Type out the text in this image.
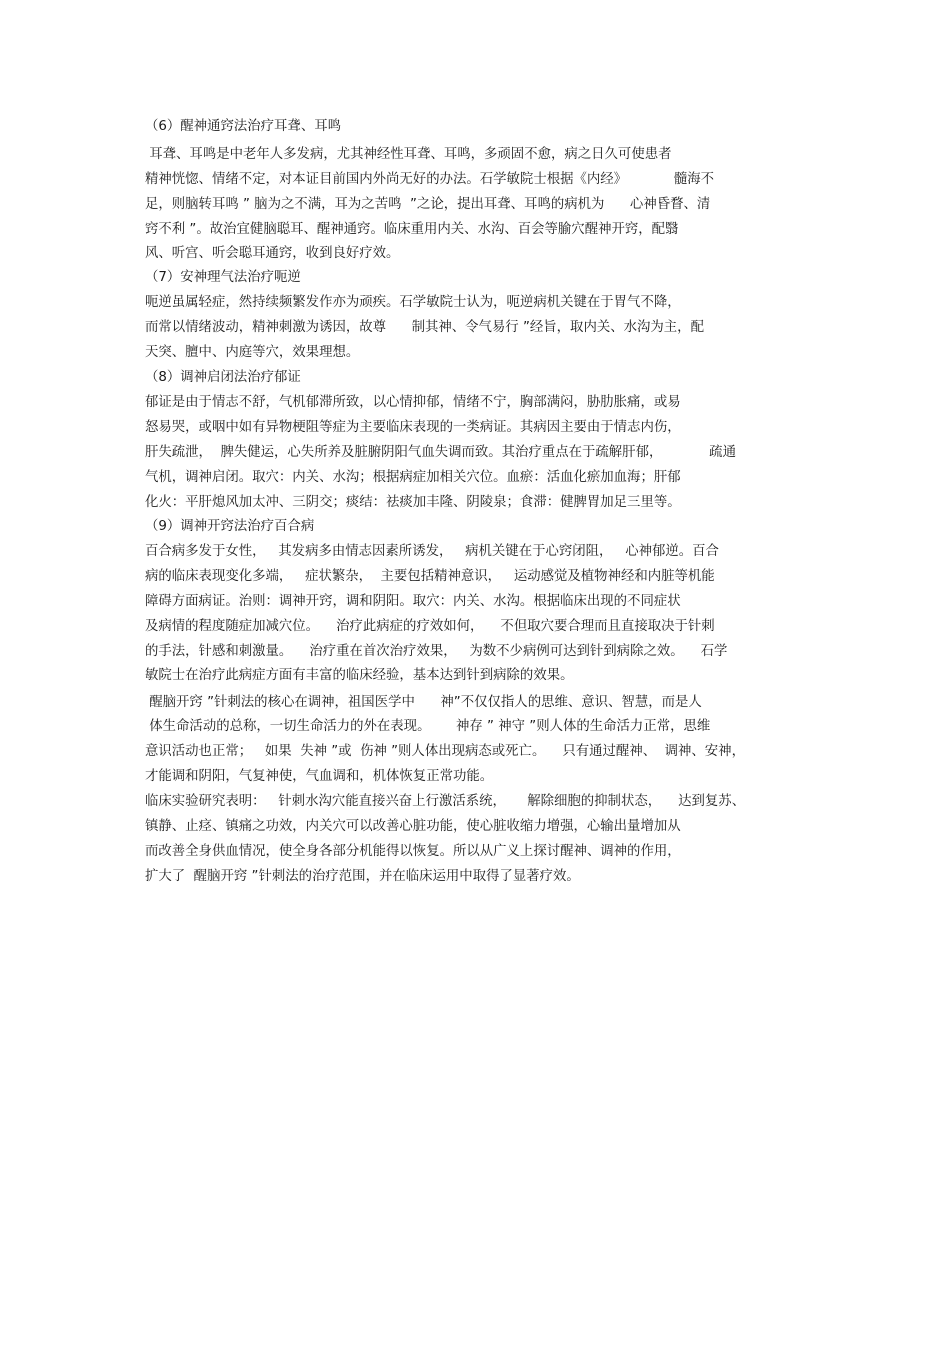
（6）醒神通窍法治疗耳聋、耳鸣
耳聋、耳鸣是中老年人多发病，尤其神经性耳聋、耳鸣，多顽固不愈，病之日久可使患者
精神恍惚、情绪不定，对本证目前国内外尚无好的办法。石学敏院士根据《内经》           髓海不
足，则脑转耳鸣 ” 脑为之不满，耳为之苦鸣  ”之论，提出耳聋、耳鸣的病机为      心神昏瞀、清
窍不利 ”。故治宜健脑聪耳、醒神通窍。临床重用内关、水沟、百会等腧穴醒神开窍，配翳
风、听宫、听会聪耳通窍，收到良好疗效。
（7）安神理气法治疗呃逆
呃逆虽属轻症，然持续频繁发作亦为顽疾。石学敏院士认为，呃逆病机关键在于胃气不降，
而常以情绪波动，精神刺激为诱因，故尊      制其神、令气易行 ”经旨，取内关、水沟为主，配
天突、膻中、内庭等穴，效果理想。
（8）调神启闭法治疗郁证
郁证是由于情志不舒，气机郁滞所致，以心情抑郁，情绪不宁，胸部满闷，胁肋胀痛，或易
怒易哭，或咽中如有异物梗阻等症为主要临床表现的一类病证。其病因主要由于情志内伤，
肝失疏泄，  脾失健运，心失所养及脏腑阴阳气血失调而致。其治疗重点在于疏解肝郁，           疏通
气机，调神启闭。取穴：内关、水沟；根据病症加相关穴位。血瘀：活血化瘀加血海；肝郁
化火：平肝熄风加太冲、三阴交；痰结：祛痰加丰隆、阴陵泉；食滞：健脾胃加足三里等。
（9）调神开窍法治疗百合病
百合病多发于女性，   其发病多由情志因素所诱发，   病机关键在于心窍闭阻，   心神郁逆。百合
病的临床表现变化多端，   症状繁杂，  主要包括精神意识，   运动感觉及植物神经和内脏等机能
障碍方面病证。治则：调神开窍，调和阴阳。取穴：内关、水沟。根据临床出现的不同症状
及病情的程度随症加减穴位。    治疗此病症的疗效如何，    不但取穴要合理而且直接取决于针刺
的手法，针感和刺激量。    治疗重在首次治疗效果，   为数不少病例可达到针到病除之效。    石学
敏院士在治疗此病症方面有丰富的临床经验，基本达到针到病除的效果。
醒脑开窍 ”针刺法的核心在调神，祖国医学中      神”不仅仅指人的思维、意识、智慧，而是人
体生命活动的总称，一切生命活力的外在表现。      神存 ” 神守 ”则人体的生命活力正常，思维
意识活动也正常；   如果  失神 ”或  伤神 ”则人体出现病态或死亡。    只有通过醒神、  调神、安神，
才能调和阴阳，气复神使，气血调和，机体恢复正常功能。
临床实验研究表明：   针刺水沟穴能直接兴奋上行激活系统，     解除细胞的抑制状态，    达到复苏、
镇静、止痉、镇痛之功效，内关穴可以改善心脏功能，使心脏收缩力增强，心输出量增加从
而改善全身供血情况，使全身各部分机能得以恢复。所以从广义上探讨醒神、调神的作用，
扩大了  醒脑开窍 ”针刺法的治疗范围，并在临床运用中取得了显著疗效。
